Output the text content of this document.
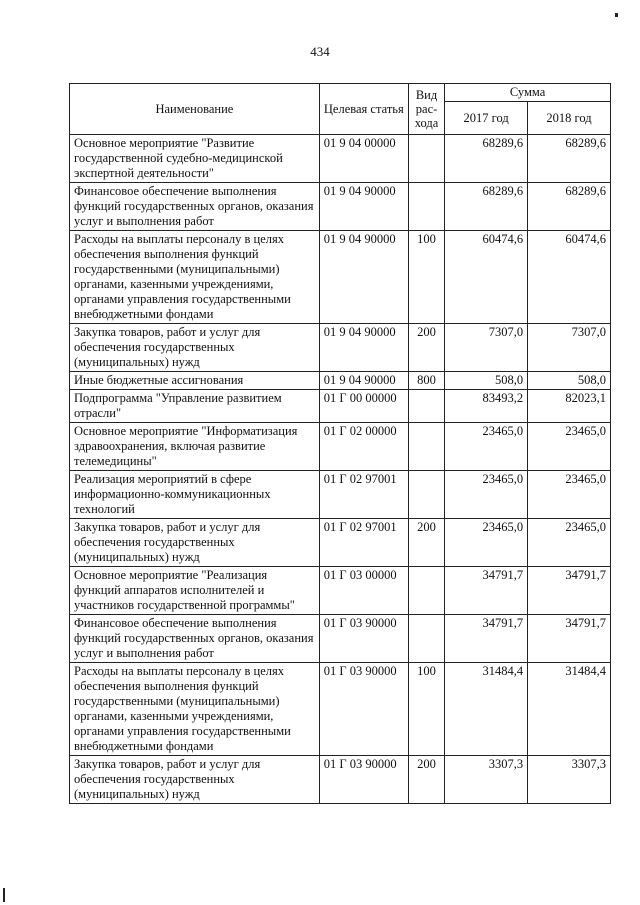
434
Наименование	Целевая статья	Вид рас-хода	Сумма	
			2017 год	2018 год
Основное мероприятие "Развитие государственной судебно-медицинской экспертной деятельности"	01 9 04 00000		68289,6	68289,6
Финансовое обеспечение выполнения функций государственных органов, оказания услуг и выполнения работ	01 9 04 90000		68289,6	68289,6
Расходы на выплаты персоналу в целях обеспечения выполнения функций государственными (муниципальными) органами, казенными учреждениями, органами управления государственными внебюджетными фондами	01 9 04 90000	100	60474,6	60474,6
Закупка товаров, работ и услуг для обеспечения государственных (муниципальных) нужд	01 9 04 90000	200	7307,0	7307,0
Иные бюджетные ассигнования	01 9 04 90000	800	508,0	508,0
Подпрограмма "Управление развитием отрасли"	01 Г 00 00000		83493,2	82023,1
Основное мероприятие "Информатизация здравоохранения, включая развитие телемедицины"	01 Г 02 00000		23465,0	23465,0
Реализация мероприятий в сфере информационно-коммуникационных технологий	01 Г 02 97001		23465,0	23465,0
Закупка товаров, работ и услуг для обеспечения государственных (муниципальных) нужд	01 Г 02 97001	200	23465,0	23465,0
Основное мероприятие "Реализация функций аппаратов исполнителей и участников государственной программы"	01 Г 03 00000		34791,7	34791,7
Финансовое обеспечение выполнения функций государственных органов, оказания услуг и выполнения работ	01 Г 03 90000		34791,7	34791,7
Расходы на выплаты персоналу в целях обеспечения выполнения функций государственными (муниципальными) органами, казенными учреждениями, органами управления государственными внебюджетными фондами	01 Г 03 90000	100	31484,4	31484,4
Закупка товаров, работ и услуг для обеспечения государственных (муниципальных) нужд	01 Г 03 90000	200	3307,3	3307,3
